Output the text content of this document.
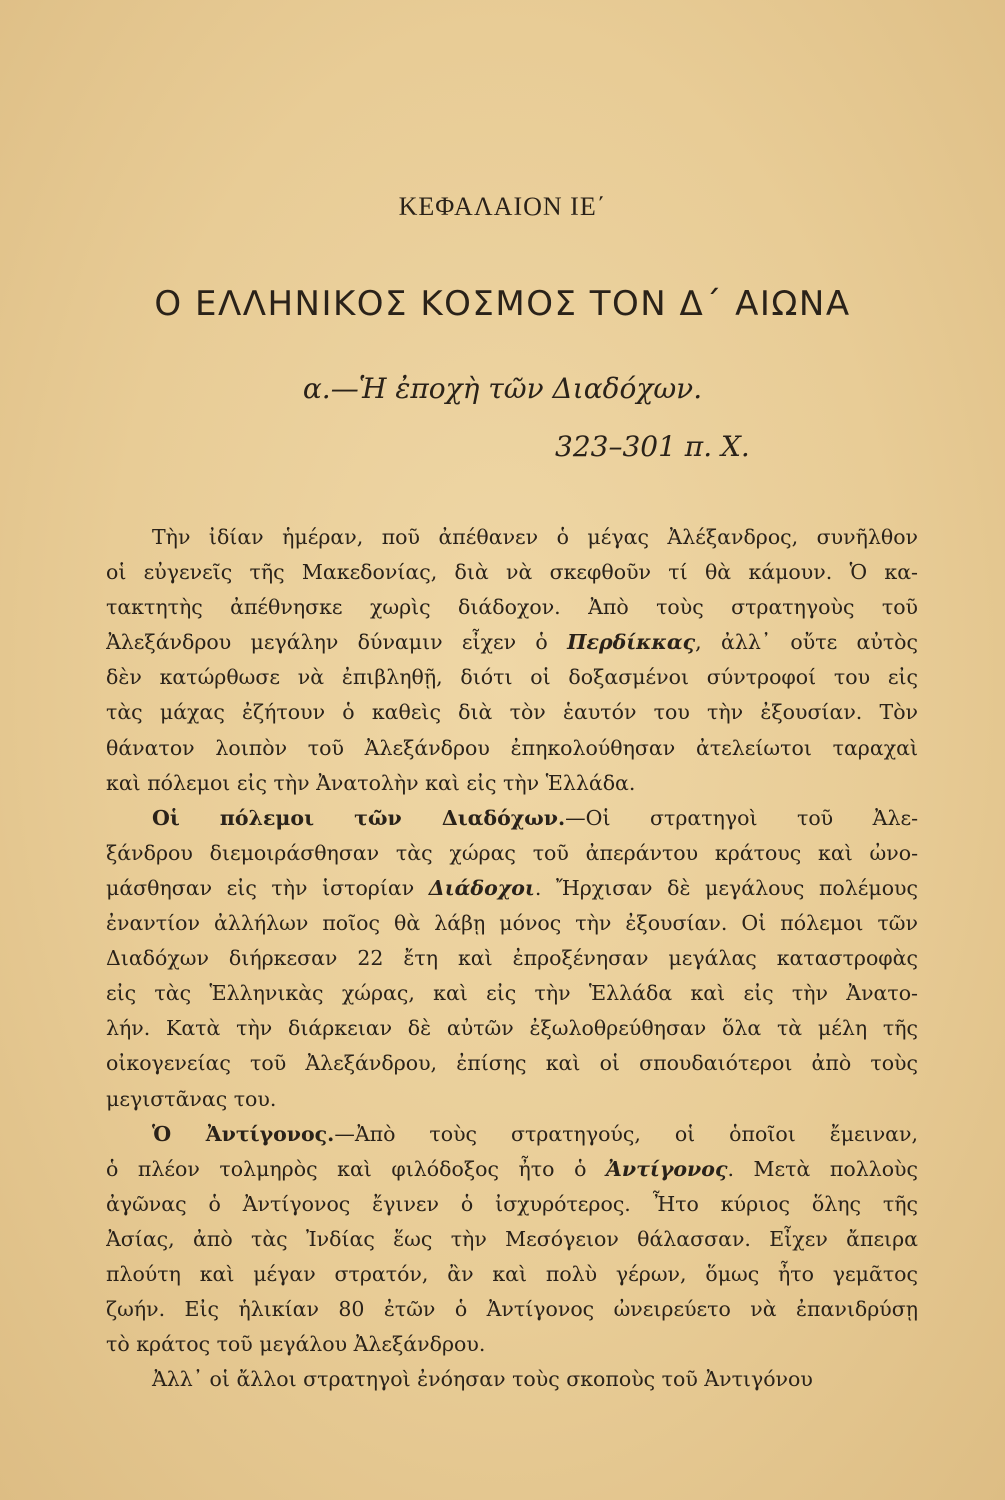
ΚΕΦΑΛΑΙΟΝ ΙΕ΄
Ο ΕΛΛΗΝΙΚΟΣ ΚΟΣΜΟΣ ΤΟΝ Δ΄ ΑΙΩΝΑ
α.—Ἡ ἐποχὴ τῶν Διαδόχων.
323–301 π. Χ.
Τὴν ἰδίαν ἡμέραν, ποῦ ἀπέθανεν ὁ μέγας Ἀλέξανδρος, συνῆλθον
οἱ εὐγενεῖς τῆς Μακεδονίας, διὰ νὰ σκεφθοῦν τί θὰ κάμουν. Ὁ κα-
τακτητὴς ἀπέθνησκε χωρὶς διάδοχον. Ἀπὸ τοὺς στρατηγοὺς τοῦ
Ἀλεξάνδρου μεγάλην δύναμιν εἶχεν ὁ Περδίκκας, ἀλλ᾽ οὔτε αὐτὸς
δὲν κατώρθωσε νὰ ἐπιβληθῇ, διότι οἱ δοξασμένοι σύντροφοί του εἰς
τὰς μάχας ἐζήτουν ὁ καθεὶς διὰ τὸν ἑαυτόν του τὴν ἐξουσίαν. Τὸν
θάνατον λοιπὸν τοῦ Ἀλεξάνδρου ἐπηκολούθησαν ἀτελείωτοι ταραχαὶ
καὶ πόλεμοι εἰς τὴν Ἀνατολὴν καὶ εἰς τὴν Ἑλλάδα.
Οἱ πόλεμοι τῶν Διαδόχων.—Οἱ στρατηγοὶ τοῦ Ἀλε-
ξάνδρου διεμοιράσθησαν τὰς χώρας τοῦ ἀπεράντου κράτους καὶ ὠνο-
μάσθησαν εἰς τὴν ἱστορίαν Διάδοχοι. Ἤρχισαν δὲ μεγάλους πολέμους
ἐναντίον ἀλλήλων ποῖος θὰ λάβῃ μόνος τὴν ἐξουσίαν. Οἱ πόλεμοι τῶν
Διαδόχων διήρκεσαν 22 ἔτη καὶ ἐπροξένησαν μεγάλας καταστροφὰς
εἰς τὰς Ἑλληνικὰς χώρας, καὶ εἰς τὴν Ἑλλάδα καὶ εἰς τὴν Ἀνατο-
λήν. Κατὰ τὴν διάρκειαν δὲ αὐτῶν ἐξωλοθρεύθησαν ὅλα τὰ μέλη τῆς
οἰκογενείας τοῦ Ἀλεξάνδρου, ἐπίσης καὶ οἱ σπουδαιότεροι ἀπὸ τοὺς
μεγιστᾶνας του.
Ὁ Ἀντίγονος.—Ἀπὸ τοὺς στρατηγούς, οἱ ὁποῖοι ἔμειναν,
ὁ πλέον τολμηρὸς καὶ φιλόδοξος ἦτο ὁ Ἀντίγονος. Μετὰ πολλοὺς
ἀγῶνας ὁ Ἀντίγονος ἔγινεν ὁ ἰσχυρότερος. Ἦτο κύριος ὅλης τῆς
Ἀσίας, ἀπὸ τὰς Ἰνδίας ἕως τὴν Μεσόγειον θάλασσαν. Εἶχεν ἄπειρα
πλούτη καὶ μέγαν στρατόν, ἂν καὶ πολὺ γέρων, ὅμως ἦτο γεμᾶτος
ζωήν. Εἰς ἡλικίαν 80 ἐτῶν ὁ Ἀντίγονος ὠνειρεύετο νὰ ἐπανιδρύσῃ
τὸ κράτος τοῦ μεγάλου Ἀλεξάνδρου.
Ἀλλ᾽ οἱ ἄλλοι στρατηγοὶ ἐνόησαν τοὺς σκοποὺς τοῦ Ἀντιγόνου
